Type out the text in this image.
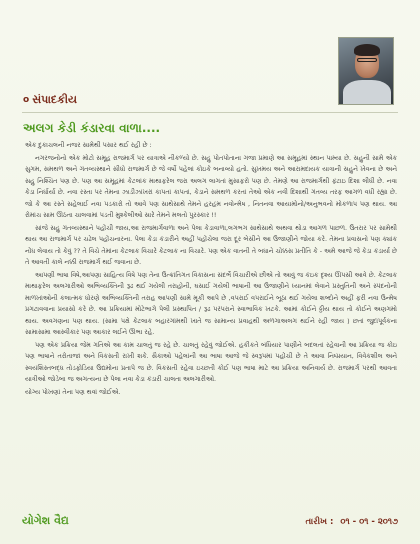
o સંપાદકીય
અલગ કેડી કંડારવા વાળા....

એક દુકાચલની નજર સામેથી પસાર થઈ રહી છે :

નગરજનોનો એક મોટો સમૂહ રાજમાર્ગ પર યાત્રાએ નીકળ્યો છે. સહુ પોતપોતાના ગજા પ્રમાણે આ સમૂહમાં સ્થાન પામ્યા છે. સહુની સામે એક સુગમ, સમથળ અને ગંતવ્યસ્થાને સીધો રાજમાર્ગ છે જે વર્ષો પહેલાં કોઇકે બનાવ્યો હતો. સુખમય અને આરામદાયક યાત્રાની સહુને ખેવના છે અને સહુ નિશ્ચિંત પણ છે. પણ આ સમૂહમાં કેટલાંક માથાફરેલ જરા અલગ લાગતાં મુસાફરો પણ છે. તેમણે આ રાજમાર્ગથી ફંટાઇ દિશા લીધી છે. નવા કેડા નિર્ધાર્યા છે. નવા રસ્તા પર તેમના ઝાડીઝાંખરાં કાપતાં કાપતાં, કેડાને સમથળ કરતાં તેઓ એક નવી દિશાથી ગંતવ્ય તરફ આગળ વધી રહ્યા છે. જો કે આ રસ્તે સહેલાઈ નવા પડકારો તો આવે પણ સાથેસાથે તેમને હરહંમ નવોન્મેષ , નિતનવા આયામોનો/અનુભવનો મોકળાપ પણ થાય. આ રોમાંચ સામ ઊઠતા ચાલવામાં પડતી મુશ્કેલીઓ સારે તેમને મલતો પુરસ્કાર !!

સાંજે સહુ ગંતવ્યસ્થાને પહોંચી જાય,આ રાજમાર્ગવાળા અને પેલા કેડાવાળા,લગભગ સાથેસાથે અથવા થોડા આગળ પાછળ. ઉતરાર પર સામેથી થાય આ રાજમાર્ગ પર ચઢેલ પહોંચનારના. પેલા કેડા કંડારીને અહીં પહોંચેલા જરા દૂર બેસીને આ ઉજાણીને જોયા કરે. તેમના પ્રવાસનો પણ ક્યાંક નોંધ લેવાય તો કેવું ?? તે વિચે તેમાંના કેટલાક વિચારે કેટલાક ના વિચારે. પણ એક વાતની તે બધાને ચોક્કસ પ્રતીતિ કે - અમે આજે જે કેડા કંડાર્યા છે તે આવતી કાલે નક્કી રાજમાર્ગ થઈ જવાના છે.

આપણી ભાષા વિષે,આપણા સાહિત્ય વિષે પણ તેના ઉત્ક્રાંતિગત વિકાસના સંદર્ભે વિચારીએ છીએ તો આવું જ કંઇક દૃશ્ય ઊપસી આવે છે. કેટલાક માથાફરેલ અલગારીઓ અભિવ્યક્તિની રૂઢ થઈ ગયેલી તરાહોની, ઘસાઈ ગયેલી ભાષાની આ ઉજાણીને ધ્યાનમાં લેવાને પ્રસ્તુતિની અને સ્પંદનોની માળખાંઓની કલાત્મક ધોરણે અભિવ્યક્તિની તરાહ આપણી સામે મૂકી આપે છે ,વપરાઈ વપરાઈને બૂઠા થઈ ગયેલા શબ્દોને અહીં ફરી નવા ઉન્મેષ પ્રગટાવવાના પ્રયાસો કરે છે. આ પ્રક્રિયામાં મોટેભાગે પેલી પ્રસ્થાપિત / રૂઢ પરંપરાને સ્વાભાવિક ખટકે. આમાં કોઈને ઠ્ઠીય થાય તો કોઈને અણગમો થાય. અવગણના પણ થાય. (સામા પક્ષે કેટલાક બહારગાંમથી ખાતે જ સામાન્ય પ્રવાહથી અળગાઅલગ થઈને રહી જાય ) છતાં જુદાંપૂર્વકના સામાસામા આસ્વીકાર પણ આકાર લઈને ઊભા રહે.

પણ એક પ્રક્રિયા જેમ ગતિએ આ કામ ચાલતું જ રહે છે. ચાલતું રહેવું જોઈએ. હકીકતે બંધિયાર પાણીને બદલતાં રહેવાની આ પ્રક્રિયા જ કોઇ પણ ભાષાને તરોતાજાં અને વિકસતી રાખી શકે. સૈકાઓ પહેલાંની આ ભાષા આજે જે સ્વરૂપમાં પહોંચી છે તે આવા નિષ્પ્રયાન, વિવેકશીલ અને સ્વયંશિસ્તબદ્ધ તોડફોડિયા ઉદ્યમોના પ્રતાપે જ છે. વિકસતી રહેવા ઇચ્છતી કોઈ પણ ભાષા માટે આ પ્રક્રિયા અનિવાર્ય છે. રાજમાર્ગ પરથી આવતા યાત્રીઓ જોડેબા જ અગત્યના છે પેલા નવા કેડા કંડારી ચાલતા અલગારીઓ.

યોગ્ય પોખણાં તેના પણ થવાં જોઈએ.

યોગેશ વૈદ્ય	તારીખ : ૦૧ - ૦૧ - ૨૦૧૭
